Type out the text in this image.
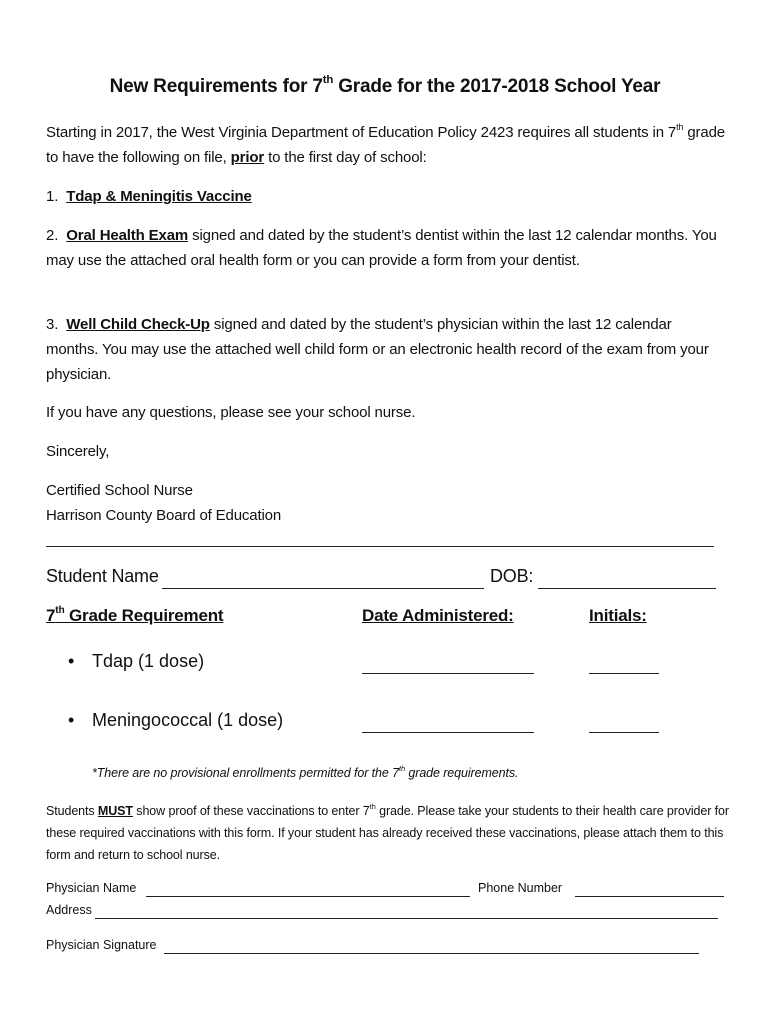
New Requirements for 7th Grade for the 2017-2018 School Year
Starting in 2017, the West Virginia Department of Education Policy 2423 requires all students in 7th grade to have the following on file, prior to the first day of school:
1. Tdap & Meningitis Vaccine
2. Oral Health Exam signed and dated by the student’s dentist within the last 12 calendar months. You may use the attached oral health form or you can provide a form from your dentist.
3. Well Child Check-Up signed and dated by the student’s physician within the last 12 calendar months. You may use the attached well child form or an electronic health record of the exam from your physician.
If you have any questions, please see your school nurse.
Sincerely,
Certified School Nurse
Harrison County Board of Education
Student Name	DOB:
7th Grade Requirement	Date Administered:	Initials:
• Tdap (1 dose)
• Meningococcal (1 dose)
*There are no provisional enrollments permitted for the 7th grade requirements.
Students MUST show proof of these vaccinations to enter 7th grade. Please take your students to their health care provider for these required vaccinations with this form. If your student has already received these vaccinations, please attach them to this form and return to school nurse.
Physician Name	Phone Number
Address
Physician Signature
